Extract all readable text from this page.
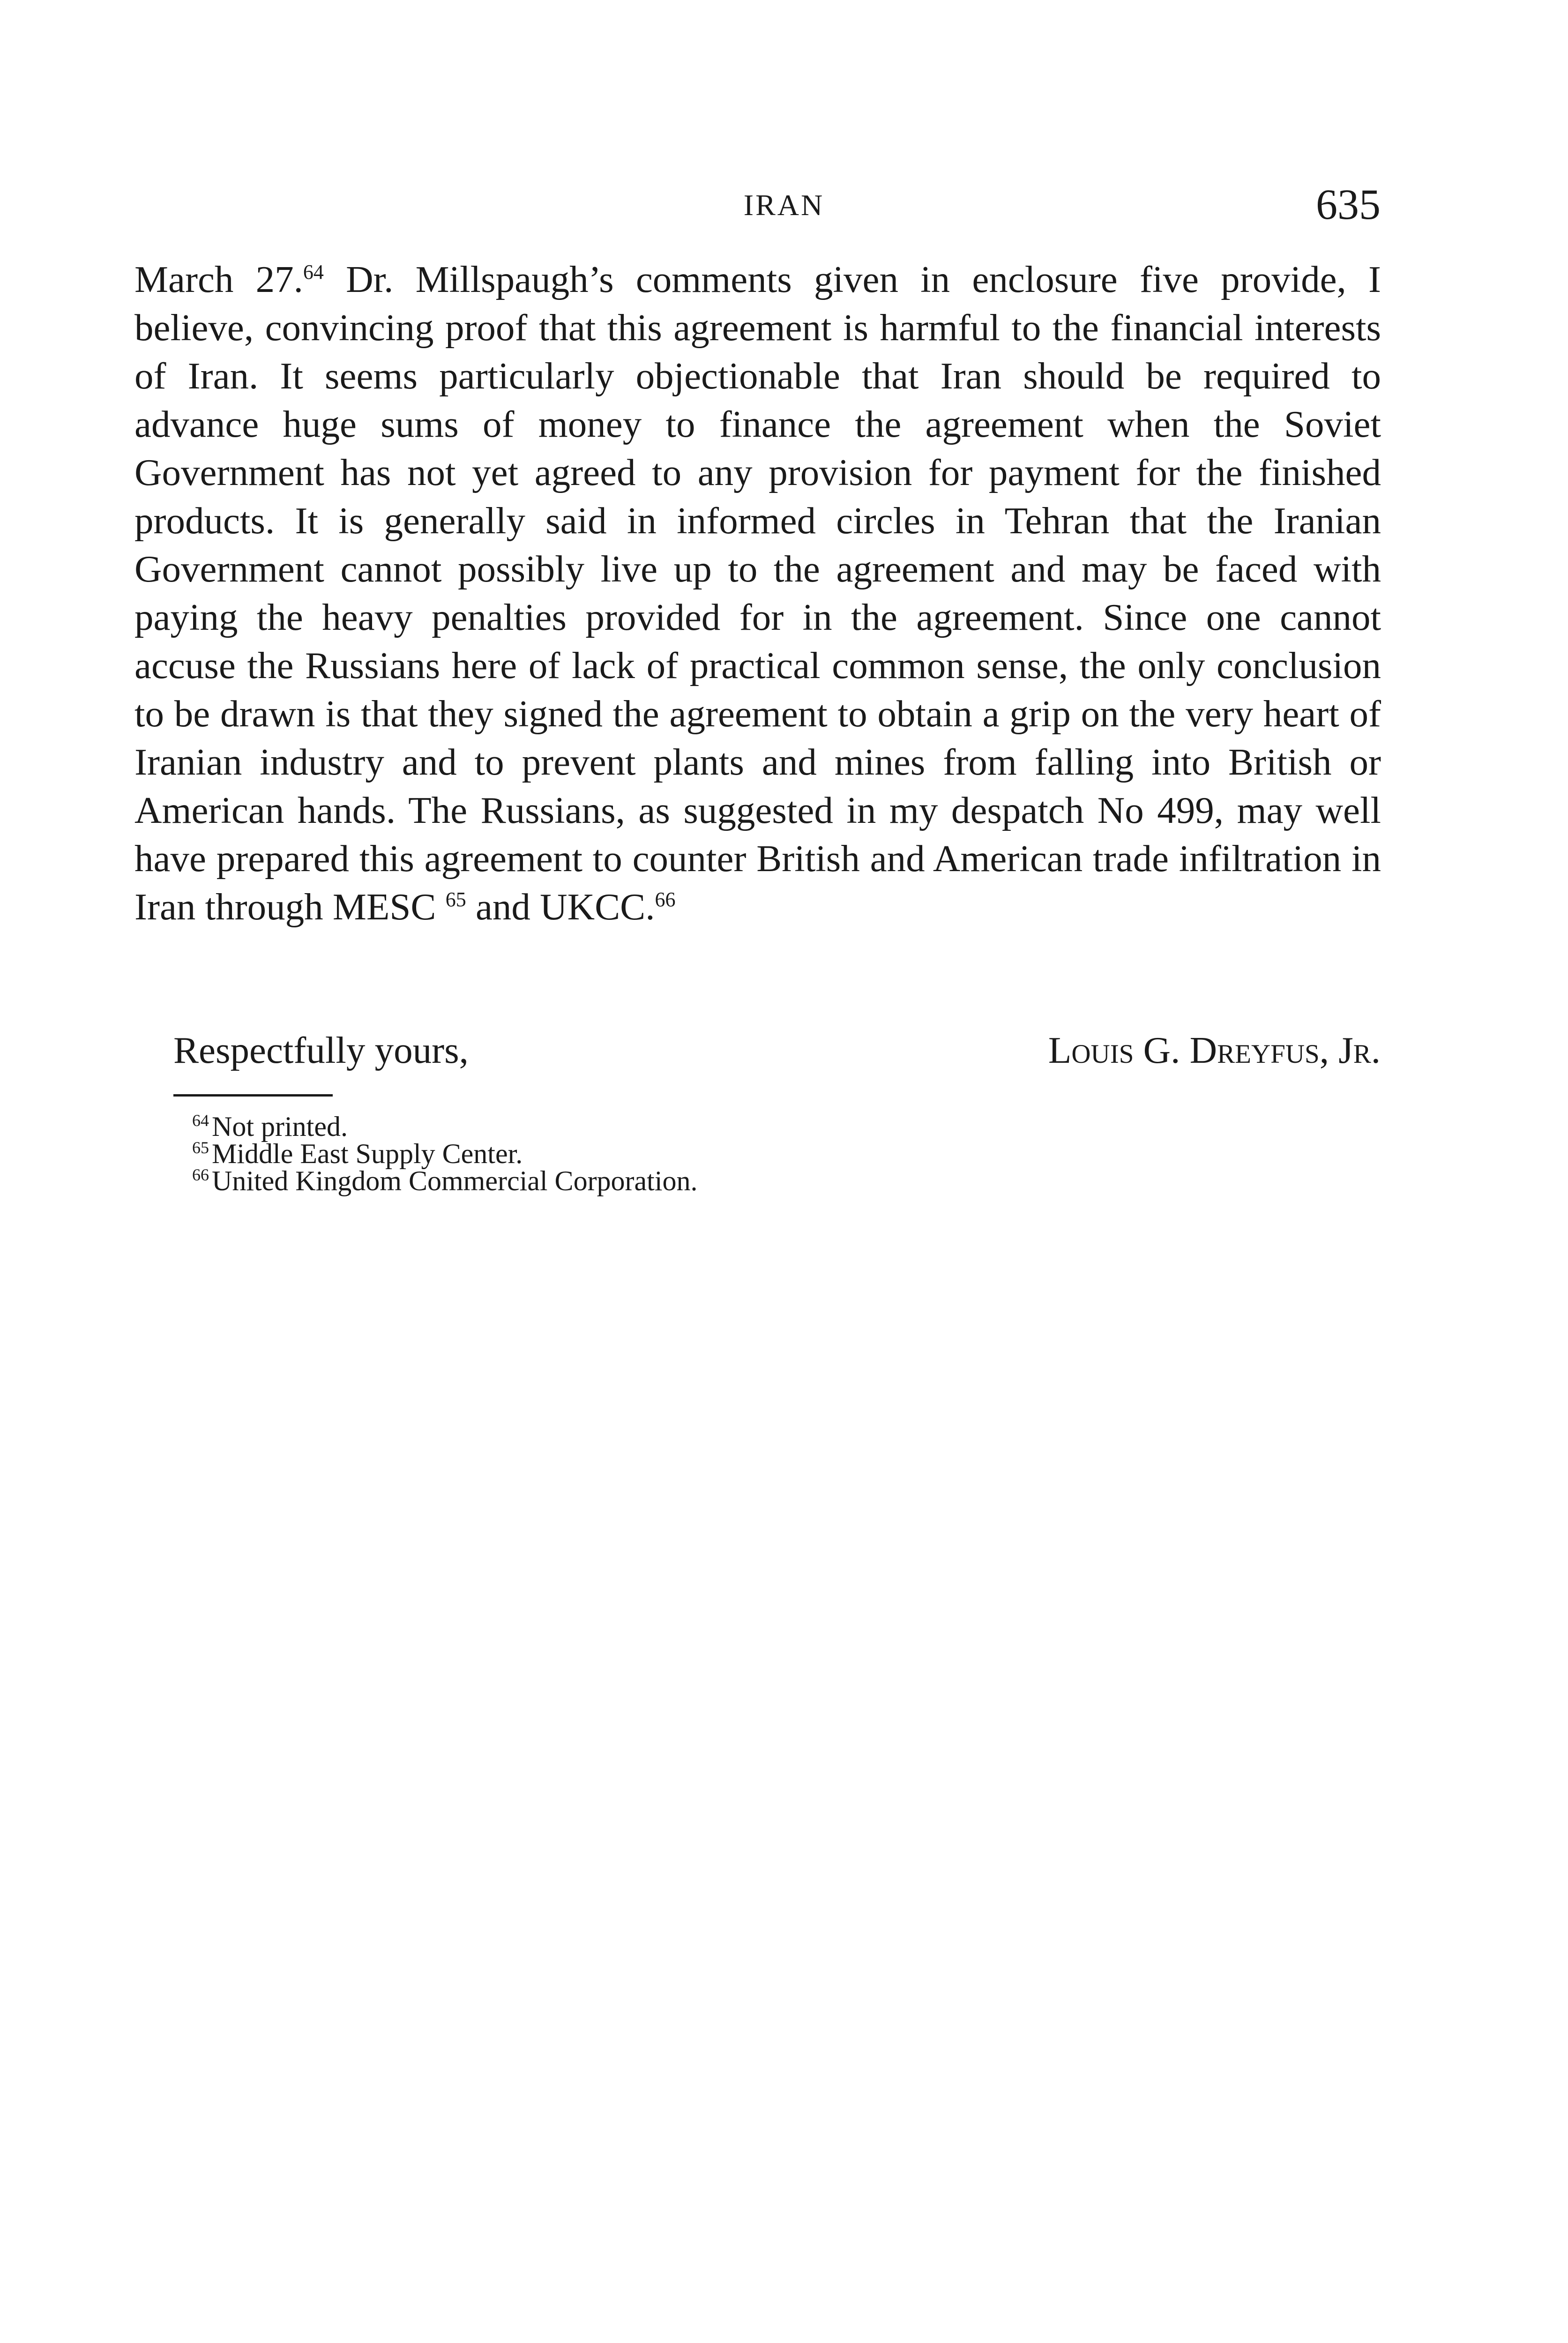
IRAN	635

March 27.64 Dr. Millspaugh’s comments given in enclosure five provide, I believe, convincing proof that this agreement is harmful to the financial interests of Iran. It seems particularly objectionable that Iran should be required to advance huge sums of money to finance the agreement when the Soviet Government has not yet agreed to any provision for payment for the finished products. It is generally said in informed circles in Tehran that the Iranian Government cannot possibly live up to the agreement and may be faced with paying the heavy penalties provided for in the agreement. Since one cannot accuse the Russians here of lack of practical common sense, the only conclusion to be drawn is that they signed the agreement to obtain a grip on the very heart of Iranian industry and to prevent plants and mines from falling into British or American hands. The Russians, as suggested in my despatch No 499, may well have prepared this agreement to counter British and American trade infiltration in Iran through MESC $^{65}$ and UKCC.$^{66}$

Respectfully yours,	Louis G. Dreyfus, Jr.
$^{64}$ Not printed.
$^{65}$ Middle East Supply Center.
$^{66}$ United Kingdom Commercial Corporation.
